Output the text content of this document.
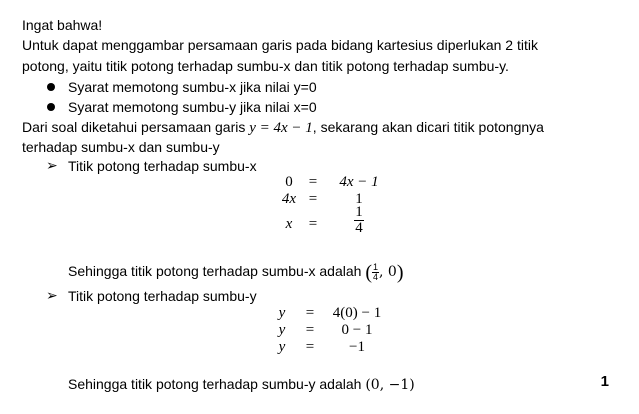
Ingat bahwa!
Untuk dapat menggambar persamaan garis pada bidang kartesius diperlukan 2 titik
potong, yaitu titik potong terhadap sumbu-x dan titik potong terhadap sumbu-y.
Syarat memotong sumbu-x jika nilai y=0
Syarat memotong sumbu-y jika nilai x=0
Dari soal diketahui persamaan garis y = 4x − 1, sekarang akan dicari titik potongnya
terhadap sumbu-x dan sumbu-y
➢ Titik potong terhadap sumbu-x
0	=	4x − 1
4x =	1
x	= $\frac{1}{4}$
Sehingga titik potong terhadap sumbu-x adalah ( $\frac{1}{4}$ , 0)
➢ Titik potong terhadap sumbu-y
y	=	4(0) − 1
y	=	0 − 1
y	=	−1
Sehingga titik potong terhadap sumbu-y adalah (0, −1)	1
